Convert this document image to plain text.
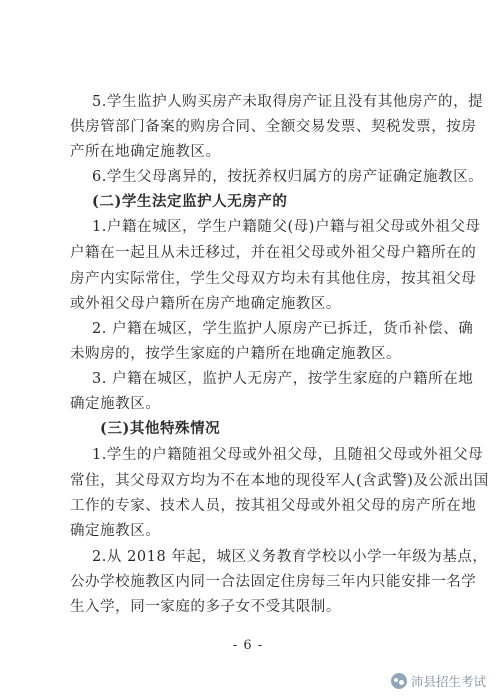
5.学生监护人购买房产未取得房产证且没有其他房产的，提
供房管部门备案的购房合同、全额交易发票、契税发票，按房
产所在地确定施教区。
6.学生父母离异的，按抚养权归属方的房产证确定施教区。
(二)学生法定监护人无房产的
1.户籍在城区，学生户籍随父(母)户籍与祖父母或外祖父母
户籍在一起且从未迁移过，并在祖父母或外祖父母户籍所在的
房产内实际常住，学生父母双方均未有其他住房，按其祖父母
或外祖父母户籍所在房产地确定施教区。
2. 户籍在城区，学生监护人原房产已拆迁，货币补偿、确
未购房的，按学生家庭的户籍所在地确定施教区。
3. 户籍在城区，监护人无房产，按学生家庭的户籍所在地
确定施教区。
(三)其他特殊情况
1.学生的户籍随祖父母或外祖父母，且随祖父母或外祖父母
常住，其父母双方均为不在本地的现役军人(含武警)及公派出国
工作的专家、技术人员，按其祖父母或外祖父母的房产所在地
确定施教区。
2.从 2018 年起，城区义务教育学校以小学一年级为基点，
公办学校施教区内同一合法固定住房每三年内只能安排一名学
生入学，同一家庭的多子女不受其限制。
- 6 -
沛县招生考试
